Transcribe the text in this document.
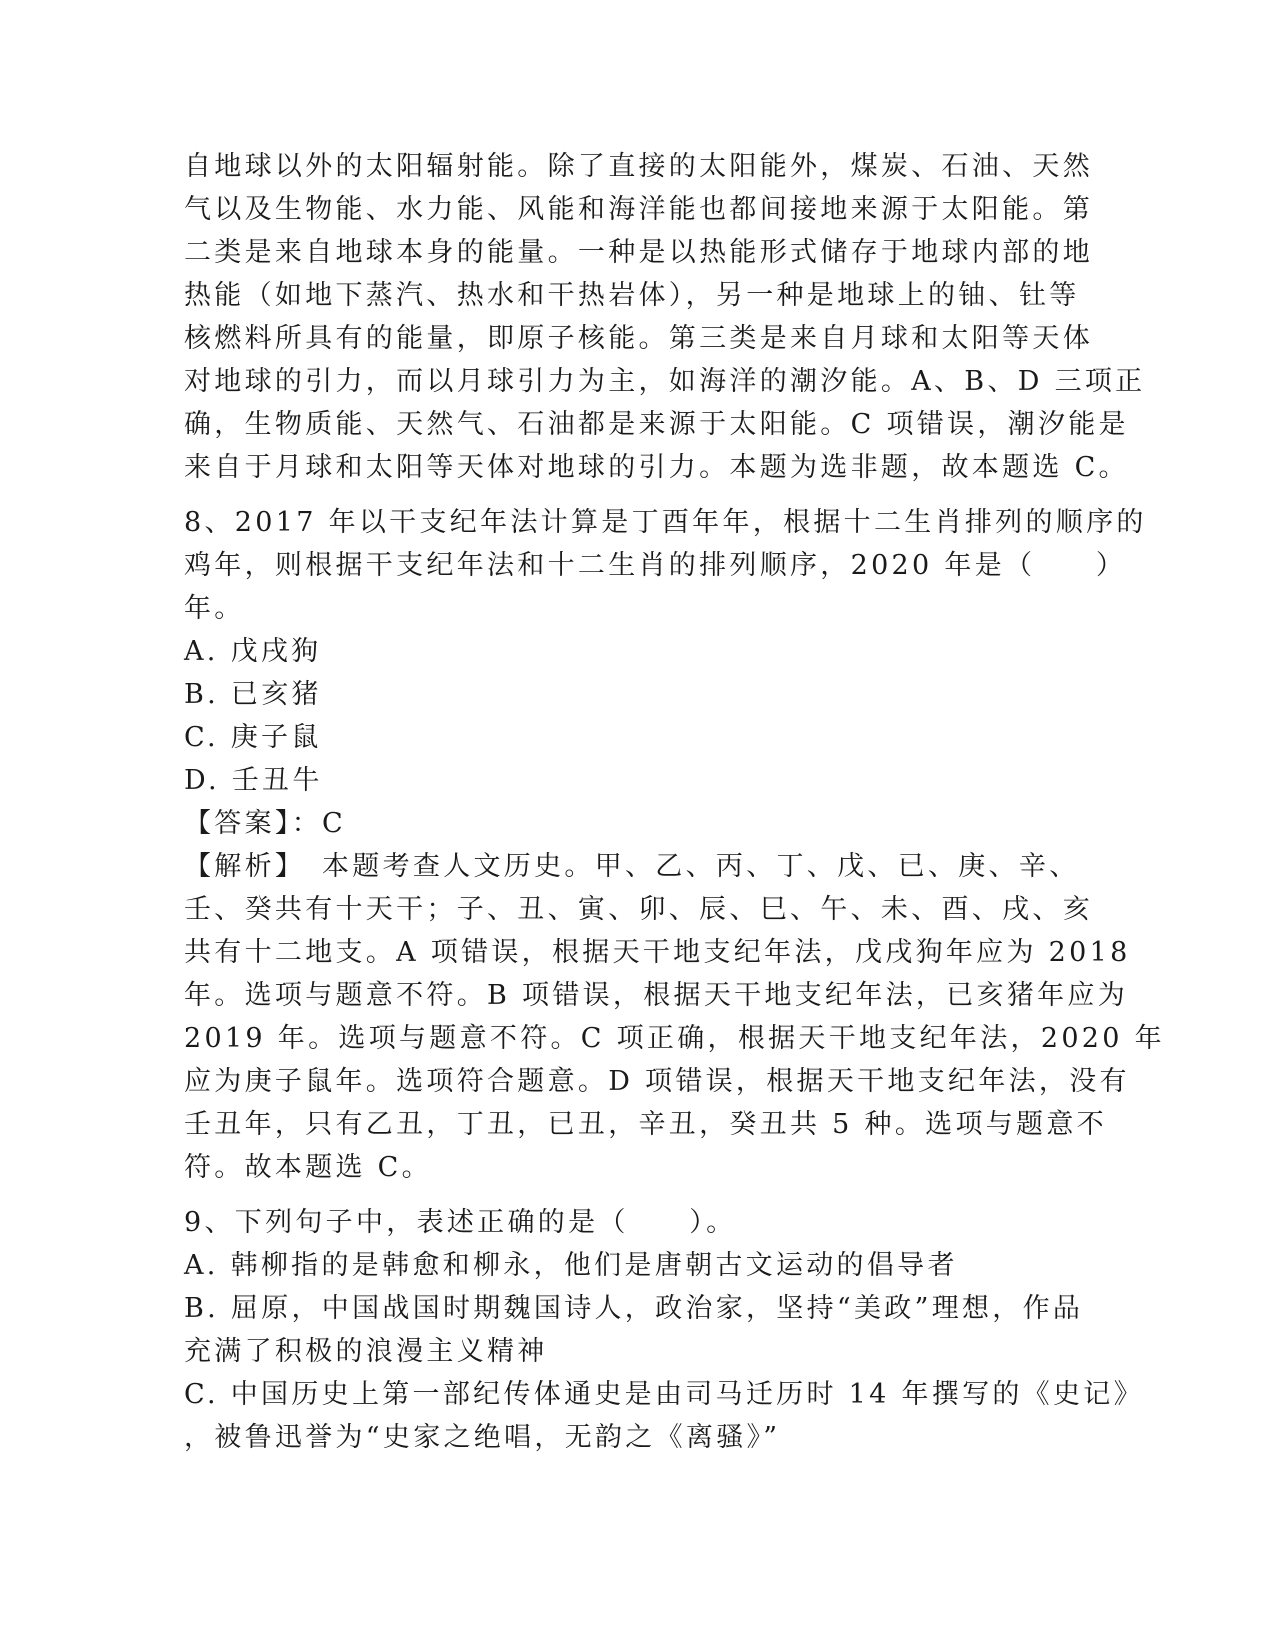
自地球以外的太阳辐射能。除了直接的太阳能外，煤炭、石油、天然
气以及生物能、水力能、风能和海洋能也都间接地来源于太阳能。第
二类是来自地球本身的能量。一种是以热能形式储存于地球内部的地
热能（如地下蒸汽、热水和干热岩体），另一种是地球上的铀、钍等
核燃料所具有的能量，即原子核能。第三类是来自月球和太阳等天体
对地球的引力，而以月球引力为主，如海洋的潮汐能。A、B、D 三项正
确，生物质能、天然气、石油都是来源于太阳能。C 项错误，潮汐能是
来自于月球和太阳等天体对地球的引力。本题为选非题，故本题选 C。
8、2017 年以干支纪年法计算是丁酉年年，根据十二生肖排列的顺序的
鸡年，则根据干支纪年法和十二生肖的排列顺序，2020 年是（　　）
年。
A. 戊戌狗
B. 已亥猪
C. 庚子鼠
D. 壬丑牛
【答案】：C
【解析】　本题考查人文历史。甲、乙、丙、丁、戊、已、庚、辛、
壬、癸共有十天干；子、丑、寅、卯、辰、巳、午、未、酉、戌、亥
共有十二地支。A 项错误，根据天干地支纪年法，戊戌狗年应为 2018
年。选项与题意不符。B 项错误，根据天干地支纪年法，已亥猪年应为
2019 年。选项与题意不符。C 项正确，根据天干地支纪年法，2020 年
应为庚子鼠年。选项符合题意。D 项错误，根据天干地支纪年法，没有
壬丑年，只有乙丑，丁丑，已丑，辛丑，癸丑共 5 种。选项与题意不
符。故本题选 C。
9、下列句子中，表述正确的是（　　）。
A. 韩柳指的是韩愈和柳永，他们是唐朝古文运动的倡导者
B. 屈原，中国战国时期魏国诗人，政治家，坚持“美政”理想，作品
充满了积极的浪漫主义精神
C. 中国历史上第一部纪传体通史是由司马迁历时 14 年撰写的《史记》
，被鲁迅誉为“史家之绝唱，无韵之《离骚》”
